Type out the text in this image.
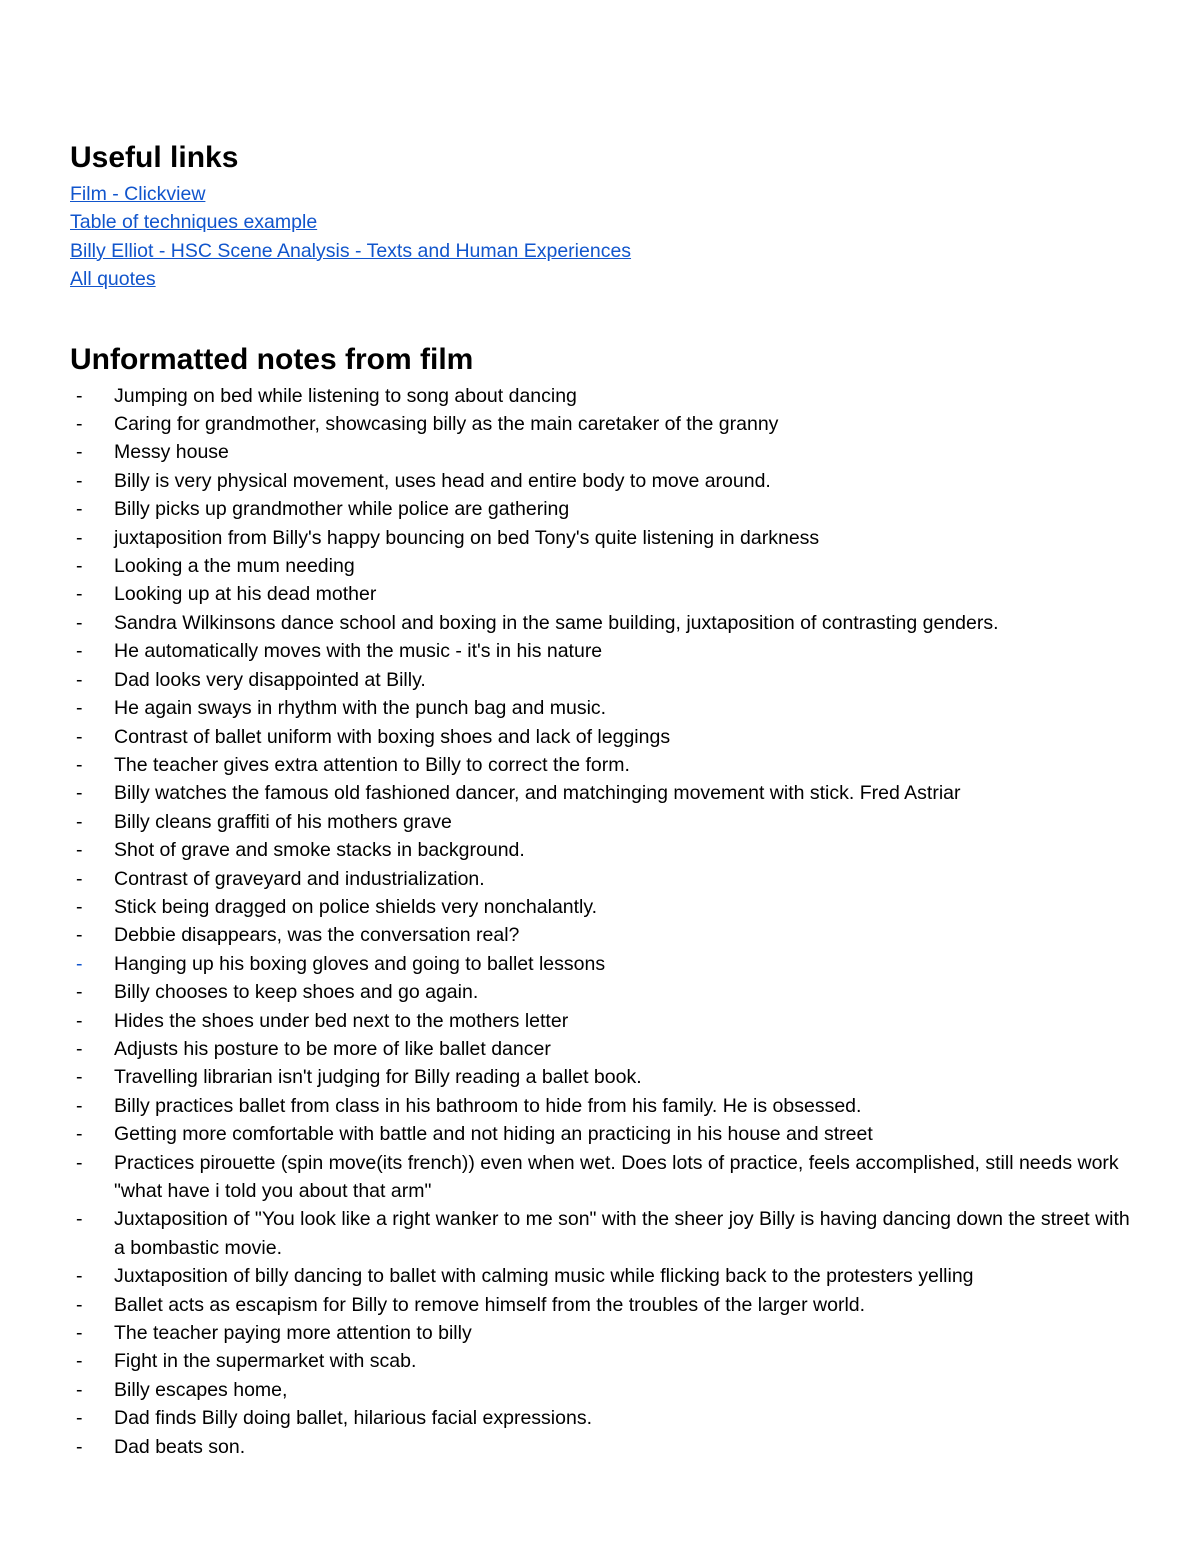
Useful links
Film - Clickview
Table of techniques example
Billy Elliot - HSC Scene Analysis - Texts and Human Experiences
All quotes
Unformatted notes from film
-	Jumping on bed while listening to song about dancing
-	Caring for grandmother, showcasing billy as the main caretaker of the granny
-	Messy house
-	Billy is very physical movement, uses head and entire body to move around.
-	Billy picks up grandmother while police are gathering
-	juxtaposition from Billy's happy bouncing on bed Tony's quite listening in darkness
-	Looking a the mum needing
-	Looking up at his dead mother
-	Sandra Wilkinsons dance school and boxing in the same building, juxtaposition of contrasting genders.
-	He automatically moves with the music - it's in his nature
-	Dad looks very disappointed at Billy.
-	He again sways in rhythm with the punch bag and music.
-	Contrast of ballet uniform with boxing shoes and lack of leggings
-	The teacher gives extra attention to Billy to correct the form.
-	Billy watches the famous old fashioned dancer, and matchinging movement with stick. Fred Astriar
-	Billy cleans graffiti of his mothers grave
-	Shot of grave and smoke stacks in background.
-	Contrast of graveyard and industrialization.
-	Stick being dragged on police shields very nonchalantly.
-	Debbie disappears, was the conversation real?
-	Hanging up his boxing gloves and going to ballet lessons
-	Billy chooses to keep shoes and go again.
-	Hides the shoes under bed next to the mothers letter
-	Adjusts his posture to be more of like ballet dancer
-	Travelling librarian isn't judging for Billy reading a ballet book.
-	Billy practices ballet from class in his bathroom to hide from his family. He is obsessed.
-	Getting more comfortable with battle and not hiding an practicing in his house and street
-	Practices pirouette (spin move(its french)) even when wet. Does lots of practice, feels accomplished, still needs work "what have i told you about that arm"
-	Juxtaposition of "You look like a right wanker to me son" with the sheer joy Billy is having dancing down the street with a bombastic movie.
-	Juxtaposition of billy dancing to ballet with calming music while flicking back to the protesters yelling
-	Ballet acts as escapism for Billy to remove himself from the troubles of the larger world.
-	The teacher paying more attention to billy
-	Fight in the supermarket with scab.
-	Billy escapes home,
-	Dad finds Billy doing ballet, hilarious facial expressions.
-	Dad beats son.
